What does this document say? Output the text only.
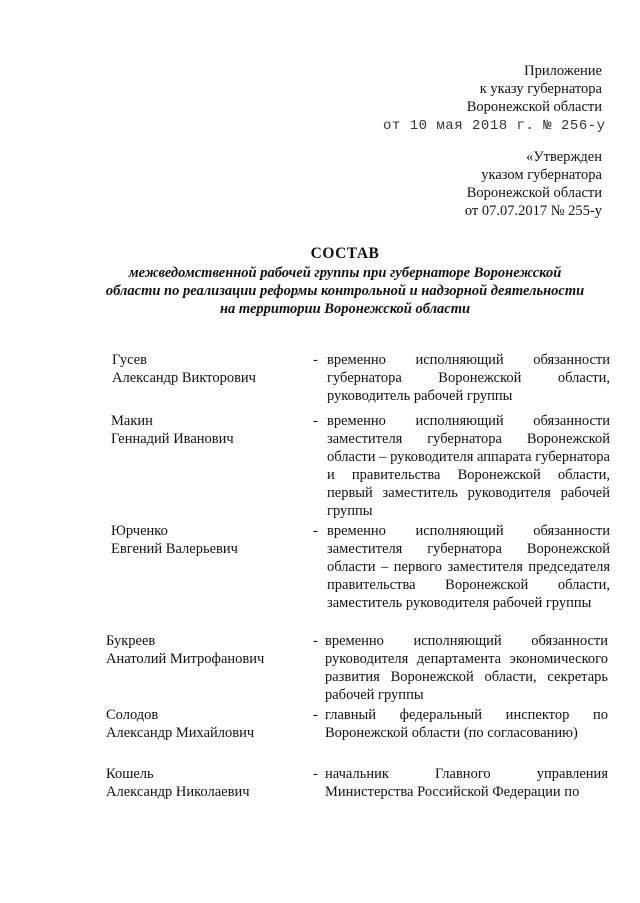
Приложение
к указу губернатора
Воронежской области
от 10 мая 2018 г. № 256-у
«Утвержден
указом губернатора
Воронежской области
от 07.07.2017 № 255-у
СОСТАВ
межведомственной рабочей группы при губернаторе Воронежской
области по реализации реформы контрольной и надзорной деятельности
на территории Воронежской области
Гусев
Александр Викторович
- временно исполняющий обязанности губернатора Воронежской области, руководитель рабочей группы
Макин
Геннадий Иванович
- временно исполняющий обязанности заместителя губернатора Воронежской области – руководителя аппарата губернатора и правительства Воронежской области, первый заместитель руководителя рабочей группы
Юрченко
Евгений Валерьевич
- временно исполняющий обязанности заместителя губернатора Воронежской области – первого заместителя председателя правительства Воронежской области, заместитель руководителя рабочей группы
Букреев
Анатолий Митрофанович
- временно исполняющий обязанности руководителя департамента экономического развития Воронежской области, секретарь рабочей группы
Солодов
Александр Михайлович
- главный федеральный инспектор по Воронежской области (по согласованию)
Кошель
Александр Николаевич
- начальник Главного управления Министерства Российской Федерации по
